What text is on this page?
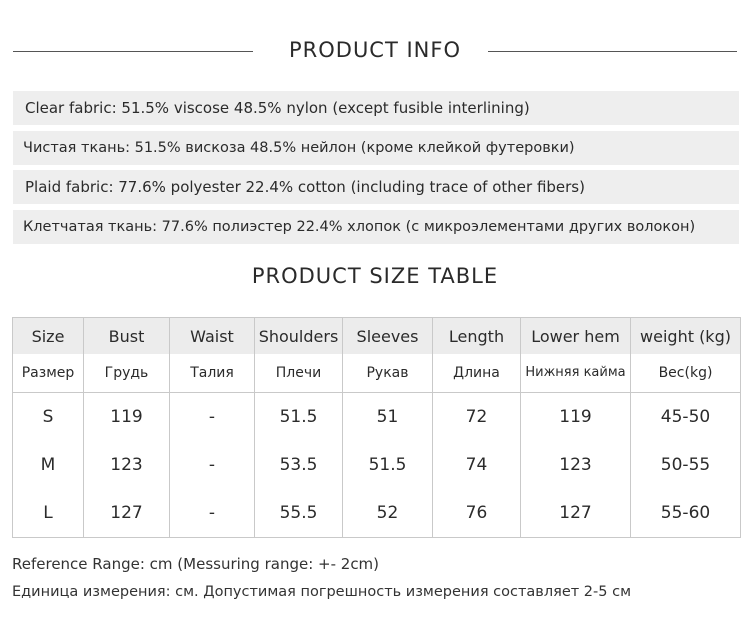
PRODUCT INFO
Clear fabric: 51.5% viscose 48.5% nylon (except fusible interlining)
Чистая ткань: 51.5% вискоза 48.5% нейлон (кроме клейкой футеровки)
Plaid fabric: 77.6% polyester 22.4% cotton (including trace of other fibers)
Клетчатая ткань: 77.6% полиэстер 22.4% хлопок (с микроэлементами других волокон)
PRODUCT SIZE TABLE
Size	Bust	Waist	Shoulders	Sleeves	Length	Lower hem	weight (kg)
Размер	Грудь	Талия	Плечи	Рукав	Длина	Нижняя кайма	Вес(kg)
S	119	-	51.5	51	72	119	45-50
M	123	-	53.5	51.5	74	123	50-55
L	127	-	55.5	52	76	127	55-60
Reference Range: cm (Messuring range: +- 2cm)
Единица измерения: см. Допустимая погрешность измерения составляет 2-5 см
